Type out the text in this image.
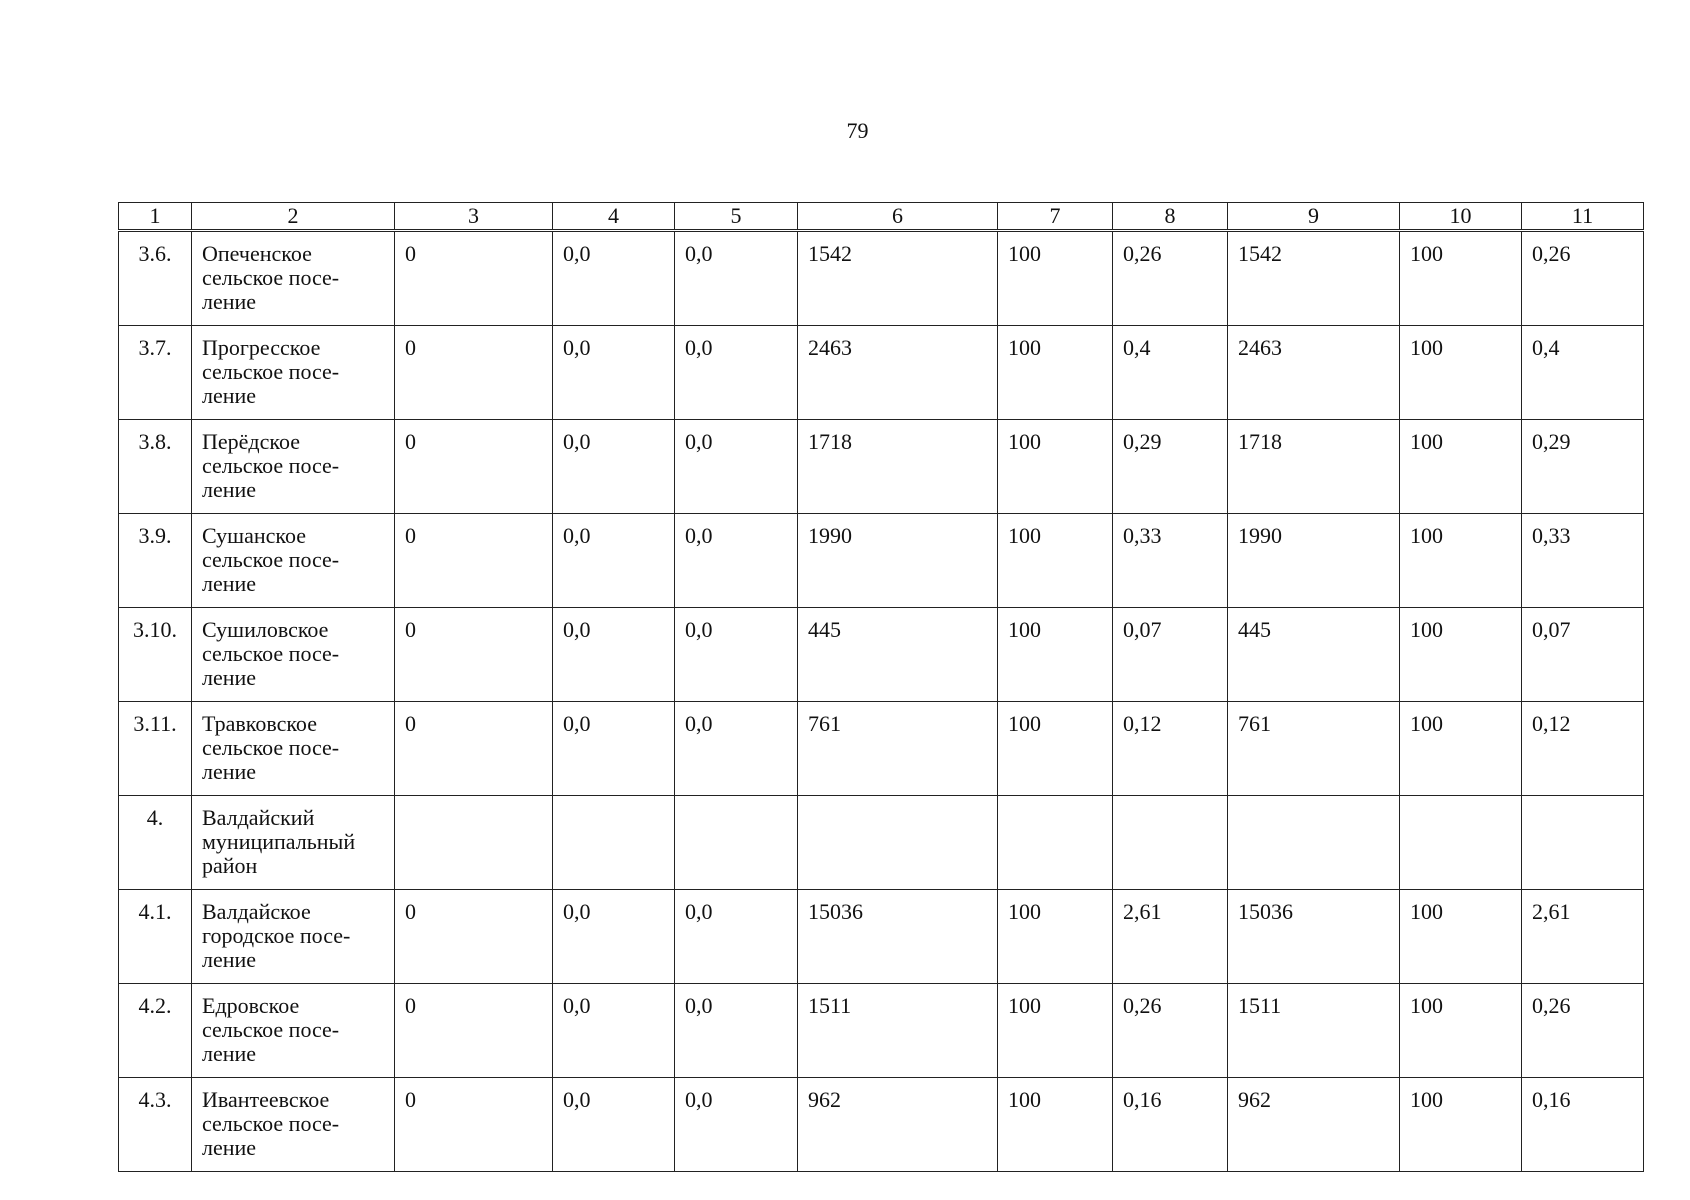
79
1	2	3	4	5	6	7	8	9	10	11
3.6.	Опеченское
сельское посе-
ление	0	0,0	0,0	1542	100	0,26	1542	100	0,26
3.7.	Прогресское
сельское посе-
ление	0	0,0	0,0	2463	100	0,4	2463	100	0,4
3.8.	Перёдское
сельское посе-
ление	0	0,0	0,0	1718	100	0,29	1718	100	0,29
3.9.	Сушанское
сельское посе-
ление	0	0,0	0,0	1990	100	0,33	1990	100	0,33
3.10.	Сушиловское
сельское посе-
ление	0	0,0	0,0	445	100	0,07	445	100	0,07
3.11.	Травковское
сельское посе-
ление	0	0,0	0,0	761	100	0,12	761	100	0,12
4.	Валдайский
муниципальный
район									
4.1.	Валдайское
городское посе-
ление	0	0,0	0,0	15036	100	2,61	15036	100	2,61
4.2.	Едровское
сельское посе-
ление	0	0,0	0,0	1511	100	0,26	1511	100	0,26
4.3.	Ивантеевское
сельское посе-
ление	0	0,0	0,0	962	100	0,16	962	100	0,16
